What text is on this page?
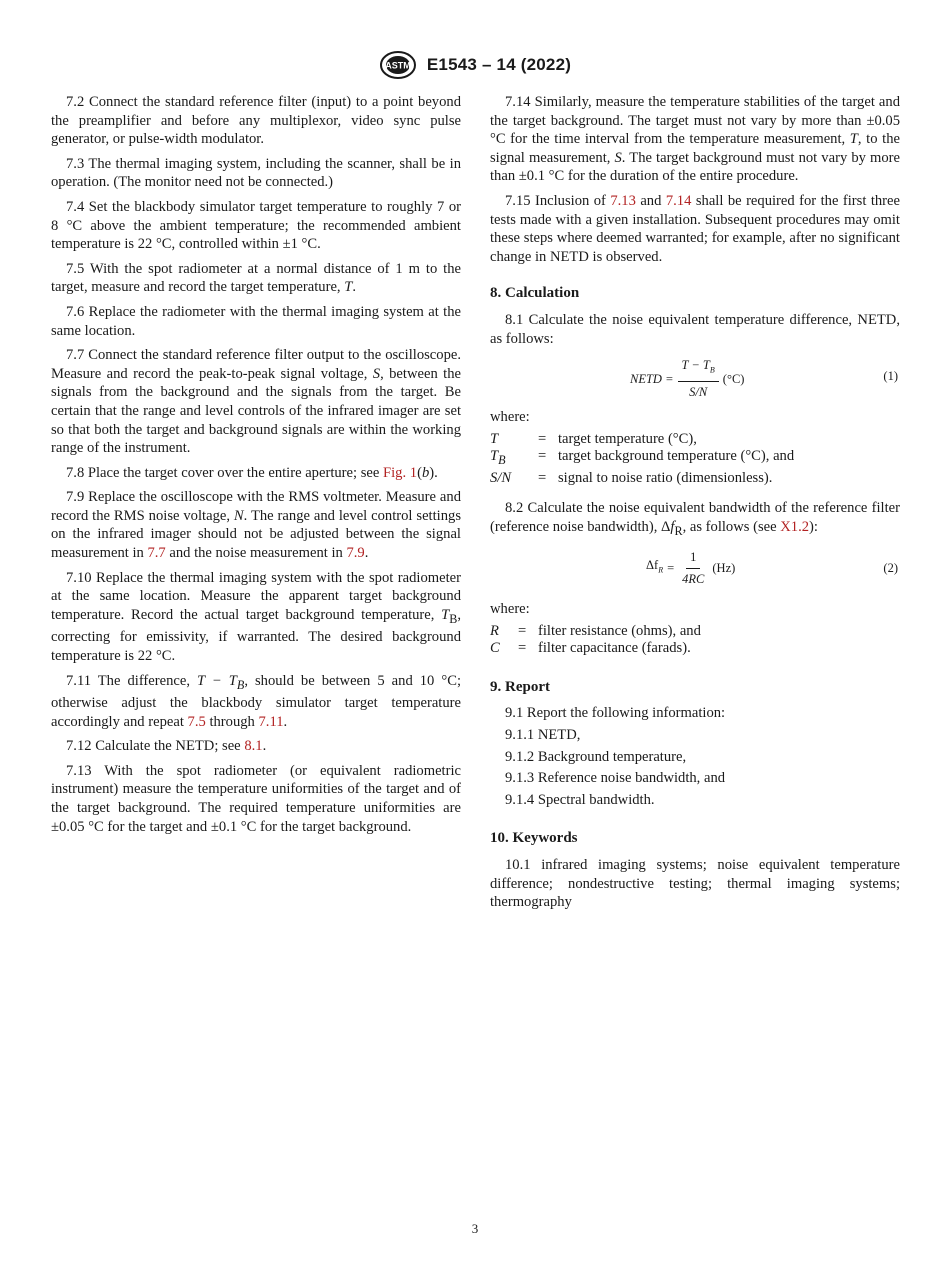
ASTM E1543 – 14 (2022)

7.2 Connect the standard reference filter (input) to a point beyond the preamplifier and before any multiplexor, video sync pulse generator, or pulse-width modulator.

7.3 The thermal imaging system, including the scanner, shall be in operation. (The monitor need not be connected.)

7.4 Set the blackbody simulator target temperature to roughly 7 or 8 °C above the ambient temperature; the recommended ambient temperature is 22 °C, controlled within ±1 °C.

7.5 With the spot radiometer at a normal distance of 1 m to the target, measure and record the target temperature, T.

7.6 Replace the radiometer with the thermal imaging system at the same location.

7.7 Connect the standard reference filter output to the oscilloscope. Measure and record the peak-to-peak signal voltage, S, between the signals from the background and the signals from the target. Be certain that the range and level controls of the infrared imager are set so that both the target and background signals are within the working range of the instrument.

7.8 Place the target cover over the entire aperture; see Fig. 1(b).

7.9 Replace the oscilloscope with the RMS voltmeter. Measure and record the RMS noise voltage, N. The range and level control settings on the infrared imager should not be adjusted between the signal measurement in 7.7 and the noise measurement in 7.9.

7.10 Replace the thermal imaging system with the spot radiometer at the same location. Measure the apparent target background temperature. Record the actual target background temperature, $T_B$, correcting for emissivity, if warranted. The desired background temperature is 22 °C.

7.11 The difference, $T - T_B$, should be between 5 and 10 °C; otherwise adjust the blackbody simulator target temperature accordingly and repeat 7.5 through 7.11.

7.12 Calculate the NETD; see 8.1.

7.13 With the spot radiometer (or equivalent radiometric instrument) measure the temperature uniformities of the target and of the target background. The required temperature uniformities are ±0.05 °C for the target and ±0.1 °C for the target background.

7.14 Similarly, measure the temperature stabilities of the target and the target background. The target must not vary by more than ±0.05 °C for the time interval from the temperature measurement, T, to the signal measurement, S. The target background must not vary by more than ±0.1 °C for the duration of the entire procedure.

7.15 Inclusion of 7.13 and 7.14 shall be required for the first three tests made with a given installation. Subsequent procedures may omit these steps where deemed warranted; for example, after no significant change in NETD is observed.

8. Calculation

8.1 Calculate the noise equivalent temperature difference, NETD, as follows:

NETD = $\frac{T - T_B}{S/N} (^\circ C)$	(1)
where:
T	= target temperature (°C),
$T_B$	= target background temperature (°C), and
S/N	= signal to noise ratio (dimensionless).

8.2 Calculate the noise equivalent bandwidth of the reference filter (reference noise bandwidth), $\Delta f_R$, as follows (see X1.2):

$\Delta f_R = \frac{1}{4RC} (Hz)$	(2)
where:
R	= filter resistance (ohms), and
C	= filter capacitance (farads).
9. Report

9.1 Report the following information:

9.1.1 NETD,

9.1.2 Background temperature,

9.1.3 Reference noise bandwidth, and

9.1.4 Spectral bandwidth.

10. Keywords

10.1 infrared imaging systems; noise equivalent temperature difference; nondestructive testing; thermal imaging systems; thermography

3
